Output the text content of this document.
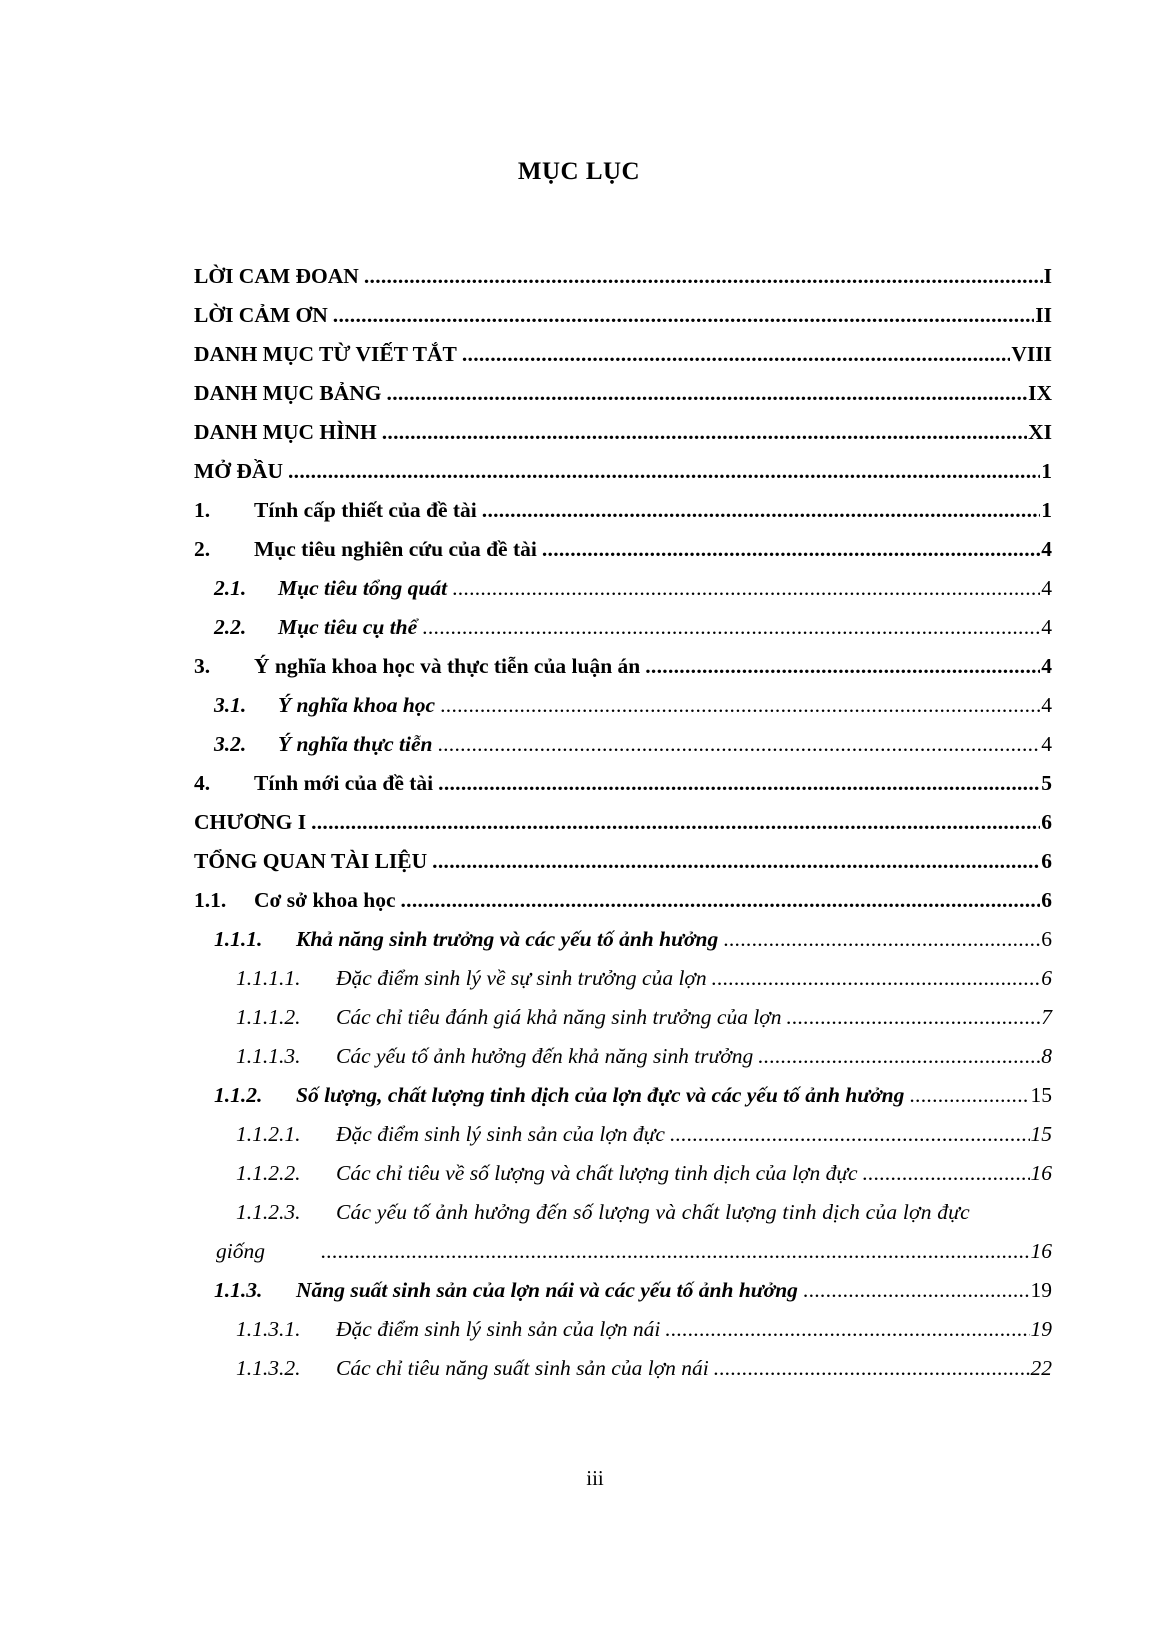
MỤC LỤC
LỜI CAM ĐOAN .....	I
LỜI CẢM ƠN .....	II
DANH MỤC TỪ VIẾT TẮT .....	VIII
DANH MỤC BẢNG .....	IX
DANH MỤC HÌNH .....	XI
MỞ ĐẦU .....	1
1.	Tính cấp thiết của đề tài .....	1
2.	Mục tiêu nghiên cứu của đề tài .....	4
2.1.	Mục tiêu tổng quát .....	4
2.2.	Mục tiêu cụ thể .....	4
3.	Ý nghĩa khoa học và thực tiễn của luận án .....	4
3.1.	Ý nghĩa khoa học .....	4
3.2.	Ý nghĩa thực tiễn .....	4
4.	Tính mới của đề tài .....	5
CHƯƠNG I .....	6
TỔNG QUAN TÀI LIỆU .....	6
1.1.	Cơ sở khoa học .....	6
1.1.1.	Khả năng sinh trưởng và các yếu tố ảnh hưởng .....	6
1.1.1.1.	Đặc điểm sinh lý về sự sinh trưởng của lợn .....	6
1.1.1.2.	Các chỉ tiêu đánh giá khả năng sinh trưởng của lợn .....	7
1.1.1.3.	Các yếu tố ảnh hưởng đến khả năng sinh trưởng .....	8
1.1.2.	Số lượng, chất lượng tinh dịch của lợn đực và các yếu tố ảnh hưởng .....	15
1.1.2.1.	Đặc điểm sinh lý sinh sản của lợn đực .....	15
1.1.2.2.	Các chỉ tiêu về số lượng và chất lượng tinh dịch của lợn đực .....	16
1.1.2.3.	Các yếu tố ảnh hưởng đến số lượng và chất lượng tinh dịch của lợn đực
giống .....	16
1.1.3.	Năng suất sinh sản của lợn nái và các yếu tố ảnh hưởng .....	19
1.1.3.1.	Đặc điểm sinh lý sinh sản của lợn nái .....	19
1.1.3.2.	Các chỉ tiêu năng suất sinh sản của lợn nái .....	22
iii
